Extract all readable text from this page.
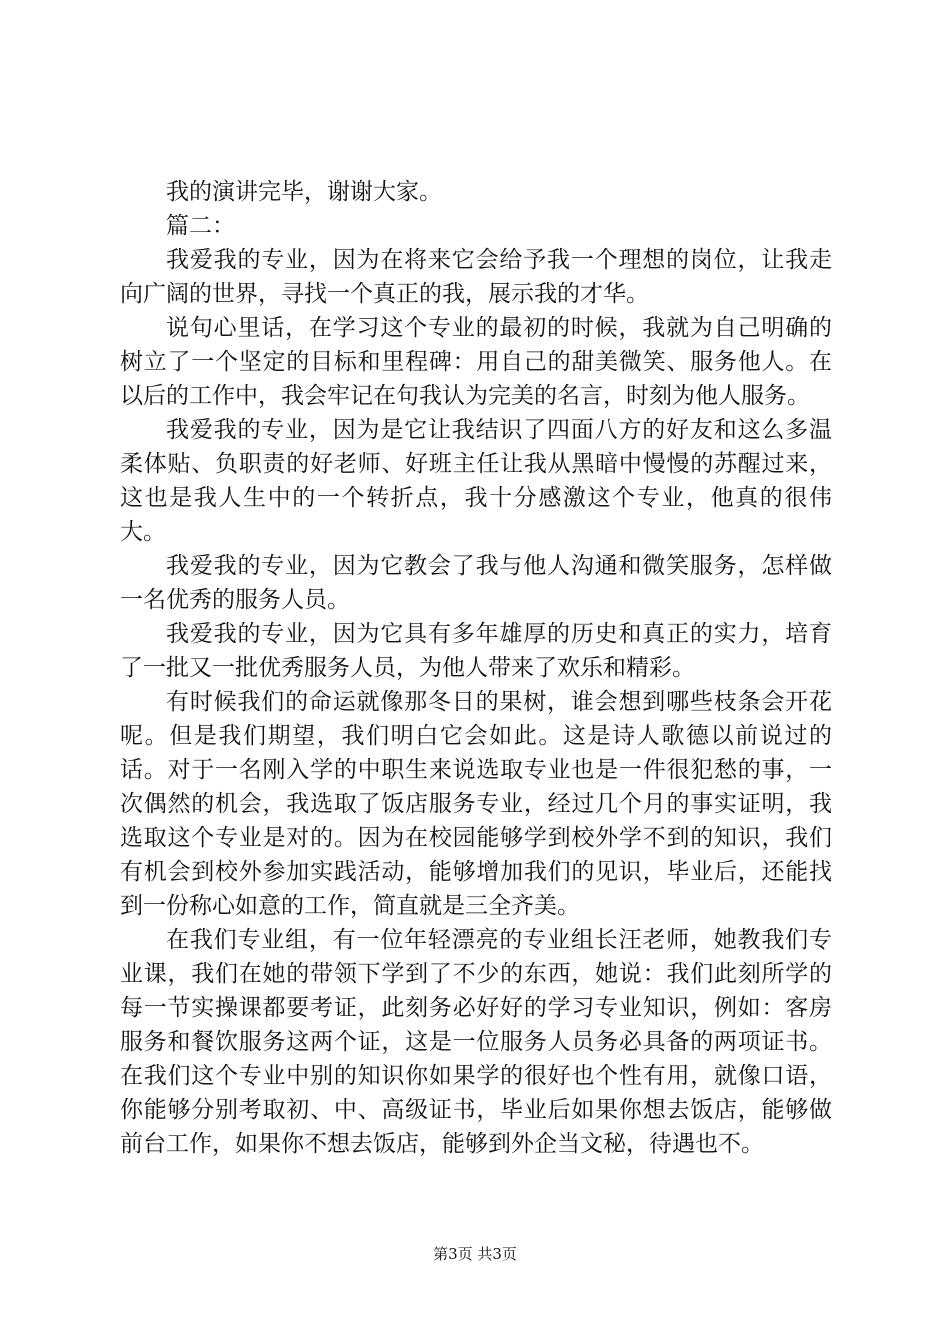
我的演讲完毕，谢谢大家。

篇二：

我爱我的专业，因为在将来它会给予我一个理想的岗位，让我走向广阔的世界，寻找一个真正的我，展示我的才华。

说句心里话，在学习这个专业的最初的时候，我就为自己明确的树立了一个坚定的目标和里程碑：用自己的甜美微笑、服务他人。在以后的工作中，我会牢记在句我认为完美的名言，时刻为他人服务。

我爱我的专业，因为是它让我结识了四面八方的好友和这么多温柔体贴、负职责的好老师、好班主任让我从黑暗中慢慢的苏醒过来，这也是我人生中的一个转折点，我十分感激这个专业，他真的很伟大。

我爱我的专业，因为它教会了我与他人沟通和微笑服务，怎样做一名优秀的服务人员。

我爱我的专业，因为它具有多年雄厚的历史和真正的实力，培育了一批又一批优秀服务人员，为他人带来了欢乐和精彩。

有时候我们的命运就像那冬日的果树，谁会想到哪些枝条会开花呢。但是我们期望，我们明白它会如此。这是诗人歌德以前说过的话。对于一名刚入学的中职生来说选取专业也是一件很犯愁的事，一次偶然的机会，我选取了饭店服务专业，经过几个月的事实证明，我选取这个专业是对的。因为在校园能够学到校外学不到的知识，我们有机会到校外参加实践活动，能够增加我们的见识，毕业后，还能找到一份称心如意的工作，简直就是三全齐美。

在我们专业组，有一位年轻漂亮的专业组长汪老师，她教我们专业课，我们在她的带领下学到了不少的东西，她说：我们此刻所学的每一节实操课都要考证，此刻务必好好的学习专业知识，例如：客房服务和餐饮服务这两个证，这是一位服务人员务必具备的两项证书。在我们这个专业中别的知识你如果学的很好也个性有用，就像口语，你能够分别考取初、中、高级证书，毕业后如果你想去饭店，能够做前台工作，如果你不想去饭店，能够到外企当文秘，待遇也不。

第3页 共3页
